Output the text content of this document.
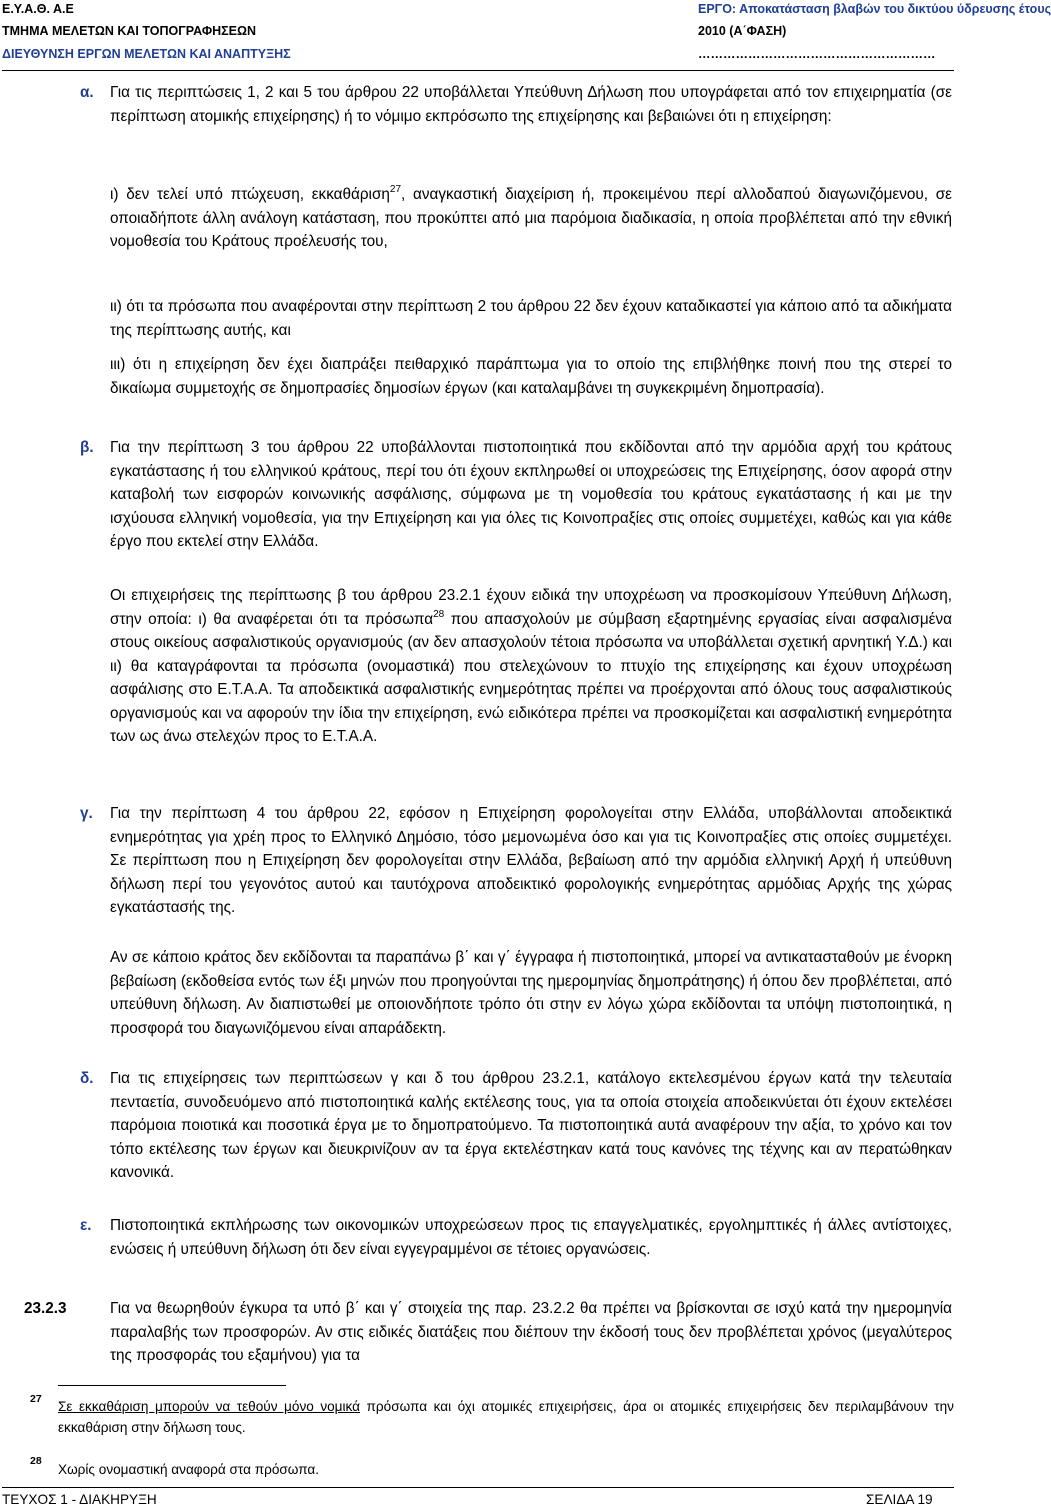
Ε.Υ.Α.Θ. Α.Ε	ΕΡΓΟ: Αποκατάσταση βλαβών του δικτύου ύδρευσης έτους
ΤΜΗΜΑ ΜΕΛΕΤΩΝ ΚΑΙ ΤΟΠΟΓΡΑΦΗΣΕΩΝ	2010 (Α΄ΦΑΣΗ)
ΔΙΕΥΘΥΝΣΗ ΕΡΓΩΝ ΜΕΛΕΤΩΝ ΚΑΙ ΑΝΑΠΤΥΞΗΣ	…………………………………………………
α. Για τις περιπτώσεις 1, 2 και 5 του άρθρου 22 υποβάλλεται Υπεύθυνη Δήλωση που υπογράφεται από τον επιχειρηματία (σε περίπτωση ατομικής επιχείρησης) ή το νόμιμο εκπρόσωπο της επιχείρησης και βεβαιώνει ότι η επιχείρηση:
ι) δεν τελεί υπό πτώχευση, εκκαθάριση$^{27}$, αναγκαστική διαχείριση ή, προκειμένου περί αλλοδαπού διαγωνιζόμενου, σε οποιαδήποτε άλλη ανάλογη κατάσταση, που προκύπτει από μια παρόμοια διαδικασία, η οποία προβλέπεται από την εθνική νομοθεσία του Κράτους προέλευσής του,
ιι) ότι τα πρόσωπα που αναφέρονται στην περίπτωση 2 του άρθρου 22 δεν έχουν καταδικαστεί για κάποιο από τα αδικήματα της περίπτωσης αυτής, και
ιιι) ότι η επιχείρηση δεν έχει διαπράξει πειθαρχικό παράπτωμα για το οποίο της επιβλήθηκε ποινή που της στερεί το δικαίωμα συμμετοχής σε δημοπρασίες δημοσίων έργων (και καταλαμβάνει τη συγκεκριμένη δημοπρασία).
β. Για την περίπτωση 3 του άρθρου 22 υποβάλλονται πιστοποιητικά που εκδίδονται από την αρμόδια αρχή του κράτους εγκατάστασης ή του ελληνικού κράτους, περί του ότι έχουν εκπληρωθεί οι υποχρεώσεις της Επιχείρησης, όσον αφορά στην καταβολή των εισφορών κοινωνικής ασφάλισης, σύμφωνα με τη νομοθεσία του κράτους εγκατάστασης ή και με την ισχύουσα ελληνική νομοθεσία, για την Επιχείρηση και για όλες τις Κοινοπραξίες στις οποίες συμμετέχει, καθώς και για κάθε έργο που εκτελεί στην Ελλάδα.
Οι επιχειρήσεις της περίπτωσης β του άρθρου 23.2.1 έχουν ειδικά την υποχρέωση να προσκομίσουν Υπεύθυνη Δήλωση, στην οποία: ι) θα αναφέρεται ότι τα πρόσωπα$^{28}$ που απασχολούν με σύμβαση εξαρτημένης εργασίας είναι ασφαλισμένα στους οικείους ασφαλιστικούς οργανισμούς (αν δεν απασχολούν τέτοια πρόσωπα να υποβάλλεται σχετική αρνητική Υ.Δ.) και ιι) θα καταγράφονται τα πρόσωπα (ονομαστικά) που στελεχώνουν το πτυχίο της επιχείρησης και έχουν υποχρέωση ασφάλισης στο Ε.Τ.Α.Α. Τα αποδεικτικά ασφαλιστικής ενημερότητας πρέπει να προέρχονται από όλους τους ασφαλιστικούς οργανισμούς και να αφορούν την ίδια την επιχείρηση, ενώ ειδικότερα πρέπει να προσκομίζεται και ασφαλιστική ενημερότητα των ως άνω στελεχών προς το Ε.Τ.Α.Α.
γ. Για την περίπτωση 4 του άρθρου 22, εφόσον η Επιχείρηση φορολογείται στην Ελλάδα, υποβάλλονται αποδεικτικά ενημερότητας για χρέη προς το Ελληνικό Δημόσιο, τόσο μεμονωμένα όσο και για τις Κοινοπραξίες στις οποίες συμμετέχει. Σε περίπτωση που η Επιχείρηση δεν φορολογείται στην Ελλάδα, βεβαίωση από την αρμόδια ελληνική Αρχή ή υπεύθυνη δήλωση περί του γεγονότος αυτού και ταυτόχρονα αποδεικτικό φορολογικής ενημερότητας αρμόδιας Αρχής της χώρας εγκατάστασής της.
Αν σε κάποιο κράτος δεν εκδίδονται τα παραπάνω β΄ και γ΄ έγγραφα ή πιστοποιητικά, μπορεί να αντικατασταθούν με ένορκη βεβαίωση (εκδοθείσα εντός των έξι μηνών που προηγούνται της ημερομηνίας δημοπράτησης) ή όπου δεν προβλέπεται, από υπεύθυνη δήλωση. Αν διαπιστωθεί με οποιονδήποτε τρόπο ότι στην εν λόγω χώρα εκδίδονται τα υπόψη πιστοποιητικά, η προσφορά του διαγωνιζόμενου είναι απαράδεκτη.
δ. Για τις επιχείρησεις των περιπτώσεων γ και δ του άρθρου 23.2.1, κατάλογο εκτελεσμένου έργων κατά την τελευταία πενταετία, συνοδευόμενο από πιστοποιητικά καλής εκτέλεσης τους, για τα οποία στοιχεία αποδεικνύεται ότι έχουν εκτελέσει παρόμοια ποιοτικά και ποσοτικά έργα με το δημοπρατούμενο. Τα πιστοποιητικά αυτά αναφέρουν την αξία, το χρόνο και τον τόπο εκτέλεσης των έργων και διευκρινίζουν αν τα έργα εκτελέστηκαν κατά τους κανόνες της τέχνης και αν περατώθηκαν κανονικά.
ε. Πιστοποιητικά εκπλήρωσης των οικονομικών υποχρεώσεων προς τις επαγγελματικές, εργολημπτικές ή άλλες αντίστοιχες, ενώσεις ή υπεύθυνη δήλωση ότι δεν είναι εγγεγραμμένοι σε τέτοιες οργανώσεις.
23.2.3	Για να θεωρηθούν έγκυρα τα υπό β΄ και γ΄ στοιχεία της παρ. 23.2.2 θα πρέπει να βρίσκονται σε ισχύ κατά την ημερομηνία παραλαβής των προσφορών. Αν στις ειδικές διατάξεις που διέπουν την έκδοσή τους δεν προβλέπεται χρόνος (μεγαλύτερος της προσφοράς του εξαμήνου) για τα
27 Σε εκκαθάριση μπορούν να τεθούν μόνο νομικά πρόσωπα και όχι ατομικές επιχειρήσεις, άρα οι ατομικές επιχειρήσεις δεν περιλαμβάνουν την εκκαθάριση στην δήλωση τους.
28
Χωρίς ονομαστική αναφορά στα πρόσωπα.
ΤΕΥΧΟΣ 1 - ΔΙΑΚΗΡΥΞΗ	ΣΕΛΙΔΑ 19
